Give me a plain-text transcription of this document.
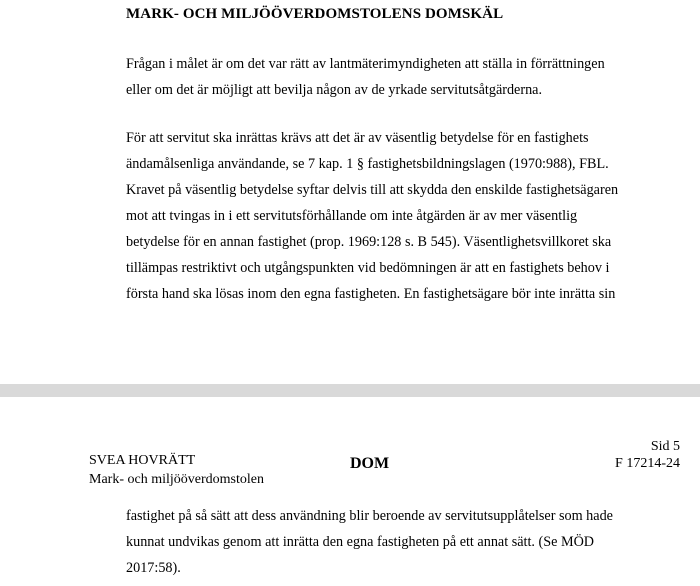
MARK- OCH MILJÖÖVERDOMSTOLENS DOMSKÄL

Frågan i målet är om det var rätt av lantmäterimyndigheten att ställa in förrättningen
eller om det är möjligt att bevilja någon av de yrkade servitutsåtgärderna.

För att servitut ska inrättas krävs att det är av väsentlig betydelse för en fastighets
ändamålsenliga användande, se 7 kap. 1 § fastighetsbildningslagen (1970:988), FBL.
Kravet på väsentlig betydelse syftar delvis till att skydda den enskilde fastighetsägaren
mot att tvingas in i ett servitutsförhållande om inte åtgärden är av mer väsentlig
betydelse för en annan fastighet (prop. 1969:128 s. B 545). Väsentlighetsvillkoret ska
tillämpas restriktivt och utgångspunkten vid bedömningen är att en fastighets behov i
första hand ska lösas inom den egna fastigheten. En fastighetsägare bör inte inrätta sin

SVEA HOVRÄTT
Mark- och miljööverdomstolen
DOM
Sid 5
F 17214-24

fastighet på så sätt att dess användning blir beroende av servitutsupplåtelser som hade
kunnat undvikas genom att inrätta den egna fastigheten på ett annat sätt. (Se MÖD
2017:58).
